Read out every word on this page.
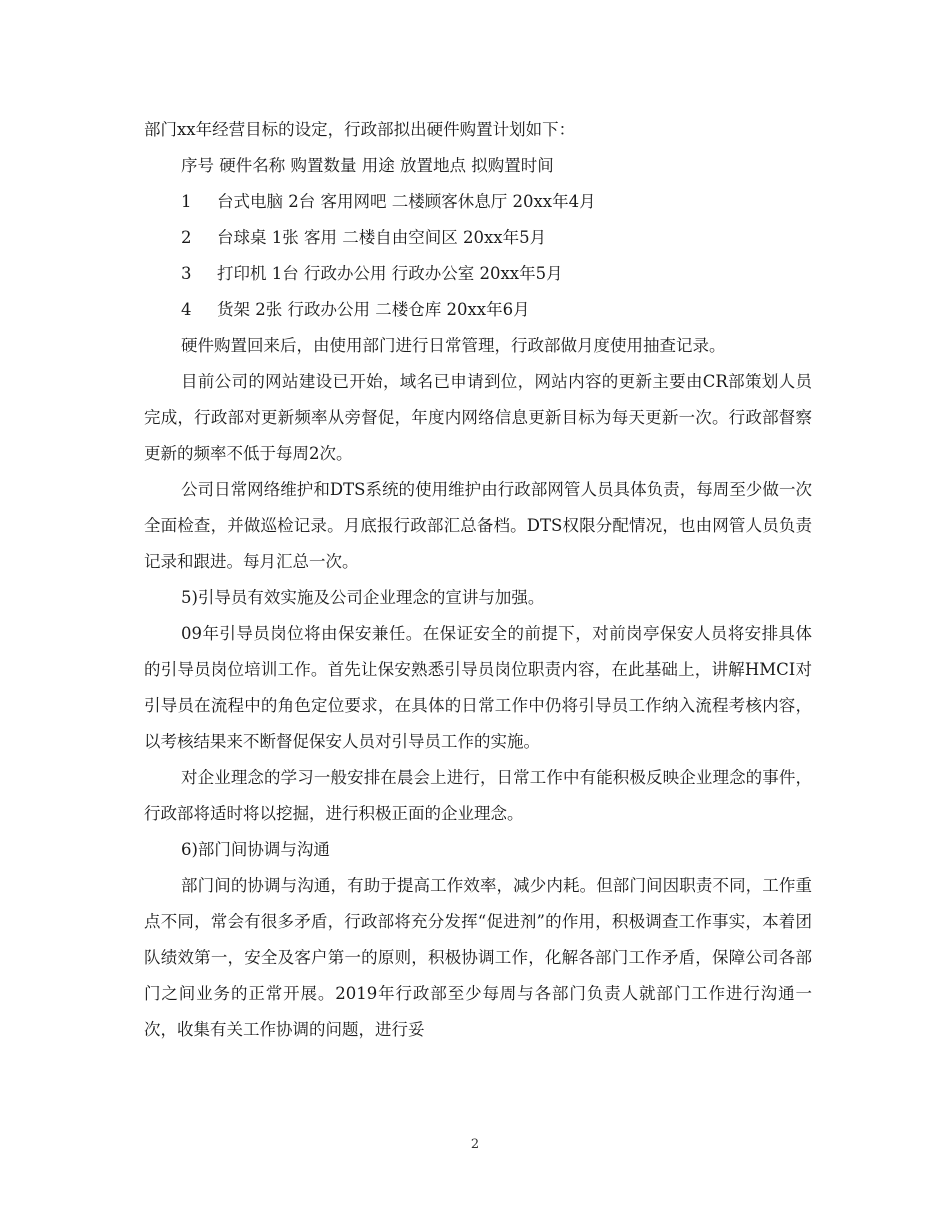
部门xx年经营目标的设定，行政部拟出硬件购置计划如下：

序号 硬件名称 购置数量 用途 放置地点 拟购置时间

1	台式电脑 2台 客用网吧 二楼顾客休息厅 20xx年4月
2	台球桌 1张 客用 二楼自由空间区 20xx年5月
3	打印机 1台 行政办公用 行政办公室 20xx年5月
4	货架 2张 行政办公用 二楼仓库 20xx年6月

硬件购置回来后，由使用部门进行日常管理，行政部做月度使用抽查记录。

目前公司的网站建设已开始，域名已申请到位，网站内容的更新主要由CR部策划人员完成，行政部对更新频率从旁督促，年度内网络信息更新目标为每天更新一次。行政部督察更新的频率不低于每周2次。

公司日常网络维护和DTS系统的使用维护由行政部网管人员具体负责，每周至少做一次全面检查，并做巡检记录。月底报行政部汇总备档。DTS权限分配情况，也由网管人员负责记录和跟进。每月汇总一次。

5)引导员有效实施及公司企业理念的宣讲与加强。

09年引导员岗位将由保安兼任。在保证安全的前提下，对前岗亭保安人员将安排具体的引导员岗位培训工作。首先让保安熟悉引导员岗位职责内容，在此基础上，讲解HMCI对引导员在流程中的角色定位要求，在具体的日常工作中仍将引导员工作纳入流程考核内容，以考核结果来不断督促保安人员对引导员工作的实施。

对企业理念的学习一般安排在晨会上进行，日常工作中有能积极反映企业理念的事件，行政部将适时将以挖掘，进行积极正面的企业理念。

6)部门间协调与沟通

部门间的协调与沟通，有助于提高工作效率，减少内耗。但部门间因职责不同，工作重点不同，常会有很多矛盾，行政部将充分发挥“促进剂”的作用，积极调查工作事实，本着团队绩效第一，安全及客户第一的原则，积极协调工作，化解各部门工作矛盾，保障公司各部门之间业务的正常开展。2019年行政部至少每周与各部门负责人就部门工作进行沟通一次，收集有关工作协调的问题，进行妥

2
